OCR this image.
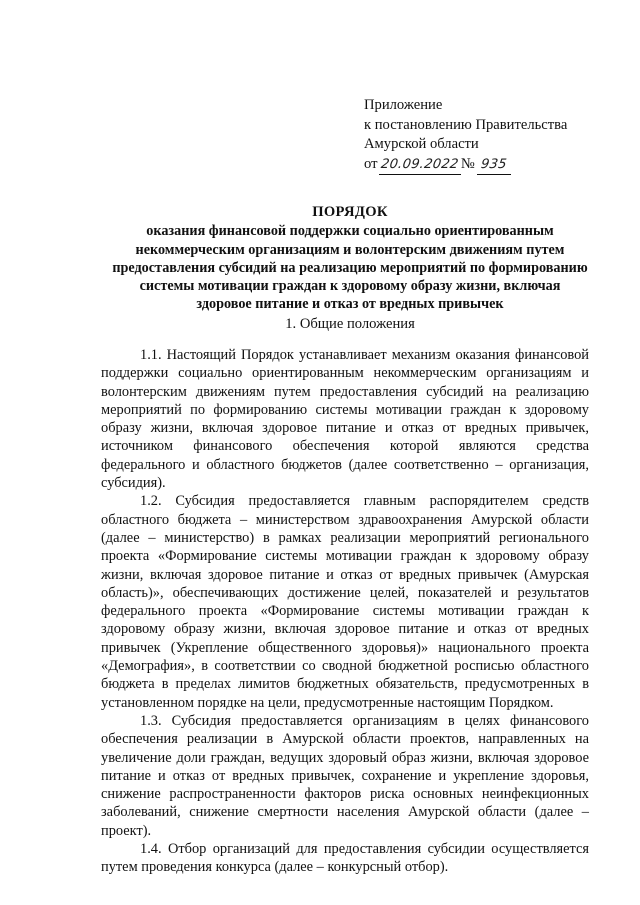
Приложение
к постановлению Правительства
Амурской области
от 20.09.2022№ 935
ПОРЯДОК
оказания финансовой поддержки социально ориентированным
некоммерческим организациям и волонтерским движениям путем
предоставления субсидий на реализацию мероприятий по формированию
системы мотивации граждан к здоровому образу жизни, включая
здоровое питание и отказ от вредных привычек
1. Общие положения

1.1. Настоящий Порядок устанавливает механизм оказания финансовой поддержки социально ориентированным некоммерческим организациям и волонтерским движениям путем предоставления субсидий на реализацию мероприятий по формированию системы мотивации граждан к здоровому образу жизни, включая здоровое питание и отказ от вредных привычек, источником финансового обеспечения которой являются средства федерального и областного бюджетов (далее соответственно – организация, субсидия).

1.2. Субсидия предоставляется главным распорядителем средств областного бюджета – министерством здравоохранения Амурской области (далее – министерство) в рамках реализации мероприятий регионального проекта «Формирование системы мотивации граждан к здоровому образу жизни, включая здоровое питание и отказ от вредных привычек (Амурская область)», обеспечивающих достижение целей, показателей и результатов федерального проекта «Формирование системы мотивации граждан к здоровому образу жизни, включая здоровое питание и отказ от вредных привычек (Укрепление общественного здоровья)» национального проекта «Демография», в соответствии со сводной бюджетной росписью областного бюджета в пределах лимитов бюджетных обязательств, предусмотренных в установленном порядке на цели, предусмотренные настоящим Порядком.

1.3. Субсидия предоставляется организациям в целях финансового обеспечения реализации в Амурской области проектов, направленных на увеличение доли граждан, ведущих здоровый образ жизни, включая здоровое питание и отказ от вредных привычек, сохранение и укрепление здоровья, снижение распространенности факторов риска основных неинфекционных заболеваний, снижение смертности населения Амурской области (далее – проект).

1.4. Отбор организаций для предоставления субсидии осуществляется путем проведения конкурса (далее – конкурсный отбор).
